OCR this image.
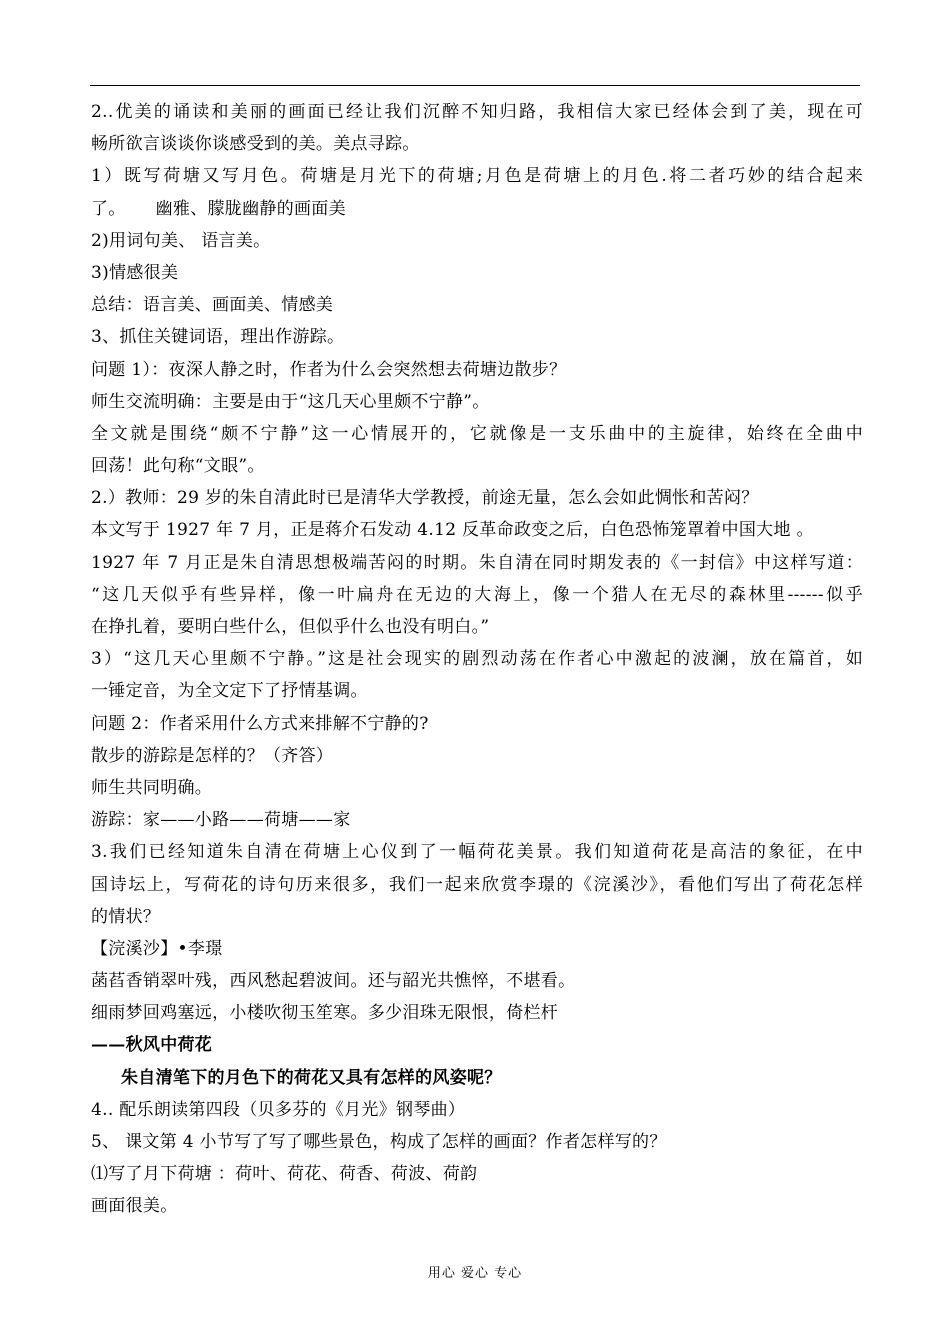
2..优美的诵读和美丽的画面已经让我们沉醉不知归路，我相信大家已经体会到了美，现在可
畅所欲言谈谈你谈感受到的美。美点寻踪。
1）既写荷塘又写月色。荷塘是月光下的荷塘;月色是荷塘上的月色.将二者巧妙的结合起来
了。 幽雅、朦胧幽静的画面美
2)用词句美、 语言美。
3)情感很美
总结：语言美、画面美、情感美
3、抓住关键词语，理出作游踪。
问题 1）：夜深人静之时，作者为什么会突然想去荷塘边散步？
师生交流明确：主要是由于“这几天心里颇不宁静”。
全文就是围绕“颇不宁静”这一心情展开的，它就像是一支乐曲中的主旋律，始终在全曲中
回荡！此句称“文眼”。
2.）教师：29 岁的朱自清此时已是清华大学教授，前途无量，怎么会如此惆怅和苦闷？
本文写于 1927 年 7 月，正是蒋介石发动 4.12 反革命政变之后，白色恐怖笼罩着中国大地 。
1927 年 7 月正是朱自清思想极端苦闷的时期。朱自清在同时期发表的《一封信》中这样写道：
“这几天似乎有些异样，像一叶扁舟在无边的大海上，像一个猎人在无尽的森林里------似乎
在挣扎着，要明白些什么，但似乎什么也没有明白。”
3）“这几天心里颇不宁静。”这是社会现实的剧烈动荡在作者心中激起的波澜，放在篇首，如
一锤定音，为全文定下了抒情基调。
问题 2：作者采用什么方式来排解不宁静的?
散步的游踪是怎样的？（齐答）
师生共同明确。
游踪：家——小路——荷塘——家
3.我们已经知道朱自清在荷塘上心仪到了一幅荷花美景。我们知道荷花是高洁的象征，在中
国诗坛上，写荷花的诗句历来很多，我们一起来欣赏李璟的《浣溪沙》，看他们写出了荷花怎样
的情状？
【浣溪沙】•李璟
菡萏香销翠叶残，西风愁起碧波间。还与韶光共憔悴，不堪看。
细雨梦回鸡塞远，小楼吹彻玉笙寒。多少泪珠无限恨，倚栏杆
——秋风中荷花
朱自清笔下的月色下的荷花又具有怎样的风姿呢？
4.. 配乐朗读第四段（贝多芬的《月光》钢琴曲）
5、 课文第 4 小节写了写了哪些景色，构成了怎样的画面？作者怎样写的？
⑴写了月下荷塘 ：荷叶、荷花、荷香、荷波、荷韵
画面很美。
用心 爱心 专心
